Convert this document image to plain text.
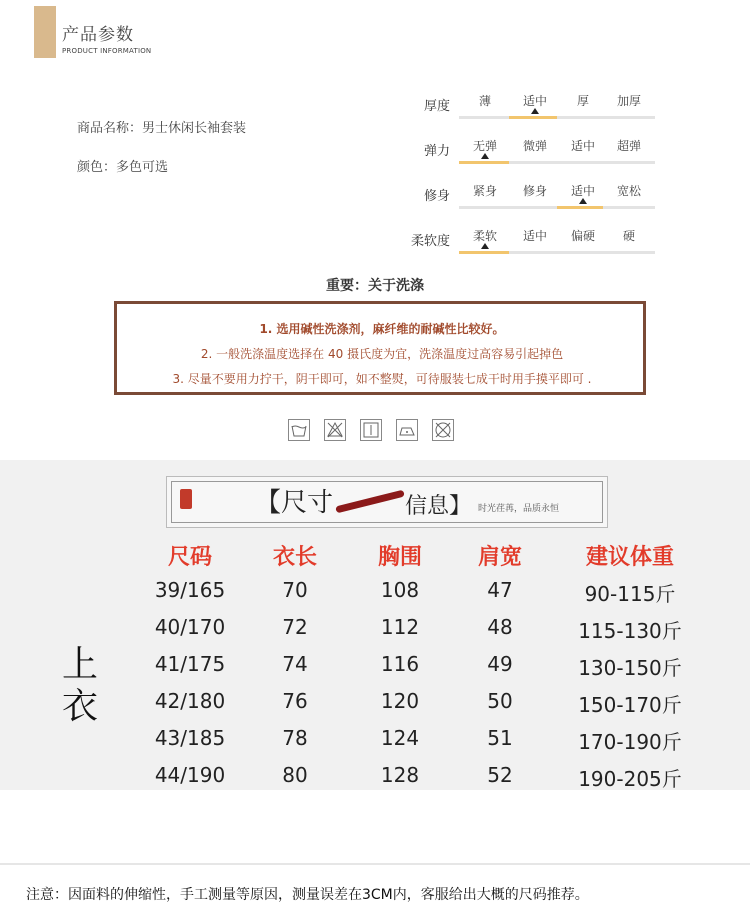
产品参数
PRODUCT INFORMATION
商品名称：男士休闲长袖套装
颜色：多色可选
厚度	薄	适中	厚	加厚
弹力	无弹	微弹	适中	超弹
修身	紧身	修身	适中	宽松
柔软度	柔软	适中	偏硬	硬
重要：关于洗涤
1. 选用碱性洗涤剂，麻纤维的耐碱性比较好。
2. 一般洗涤温度选择在 40 摄氏度为宜，洗涤温度过高容易引起掉色
3. 尽量不要用力拧干，阴干即可，如不整熨，可待服装七成干时用手摸平即可 .
【尺寸	信息】 时光荏苒，品质永恒
上
衣
尺码	衣长	胸围	肩宽	建议体重
39/165	70	108	47	90-115斤
40/170	72	112	48	115-130斤
41/175	74	116	49	130-150斤
42/180	76	120	50	150-170斤
43/185	78	124	51	170-190斤
44/190	80	128	52	190-205斤
注意：因面料的伸缩性，手工测量等原因，测量误差在3CM内，客服给出大概的尺码推荐。
